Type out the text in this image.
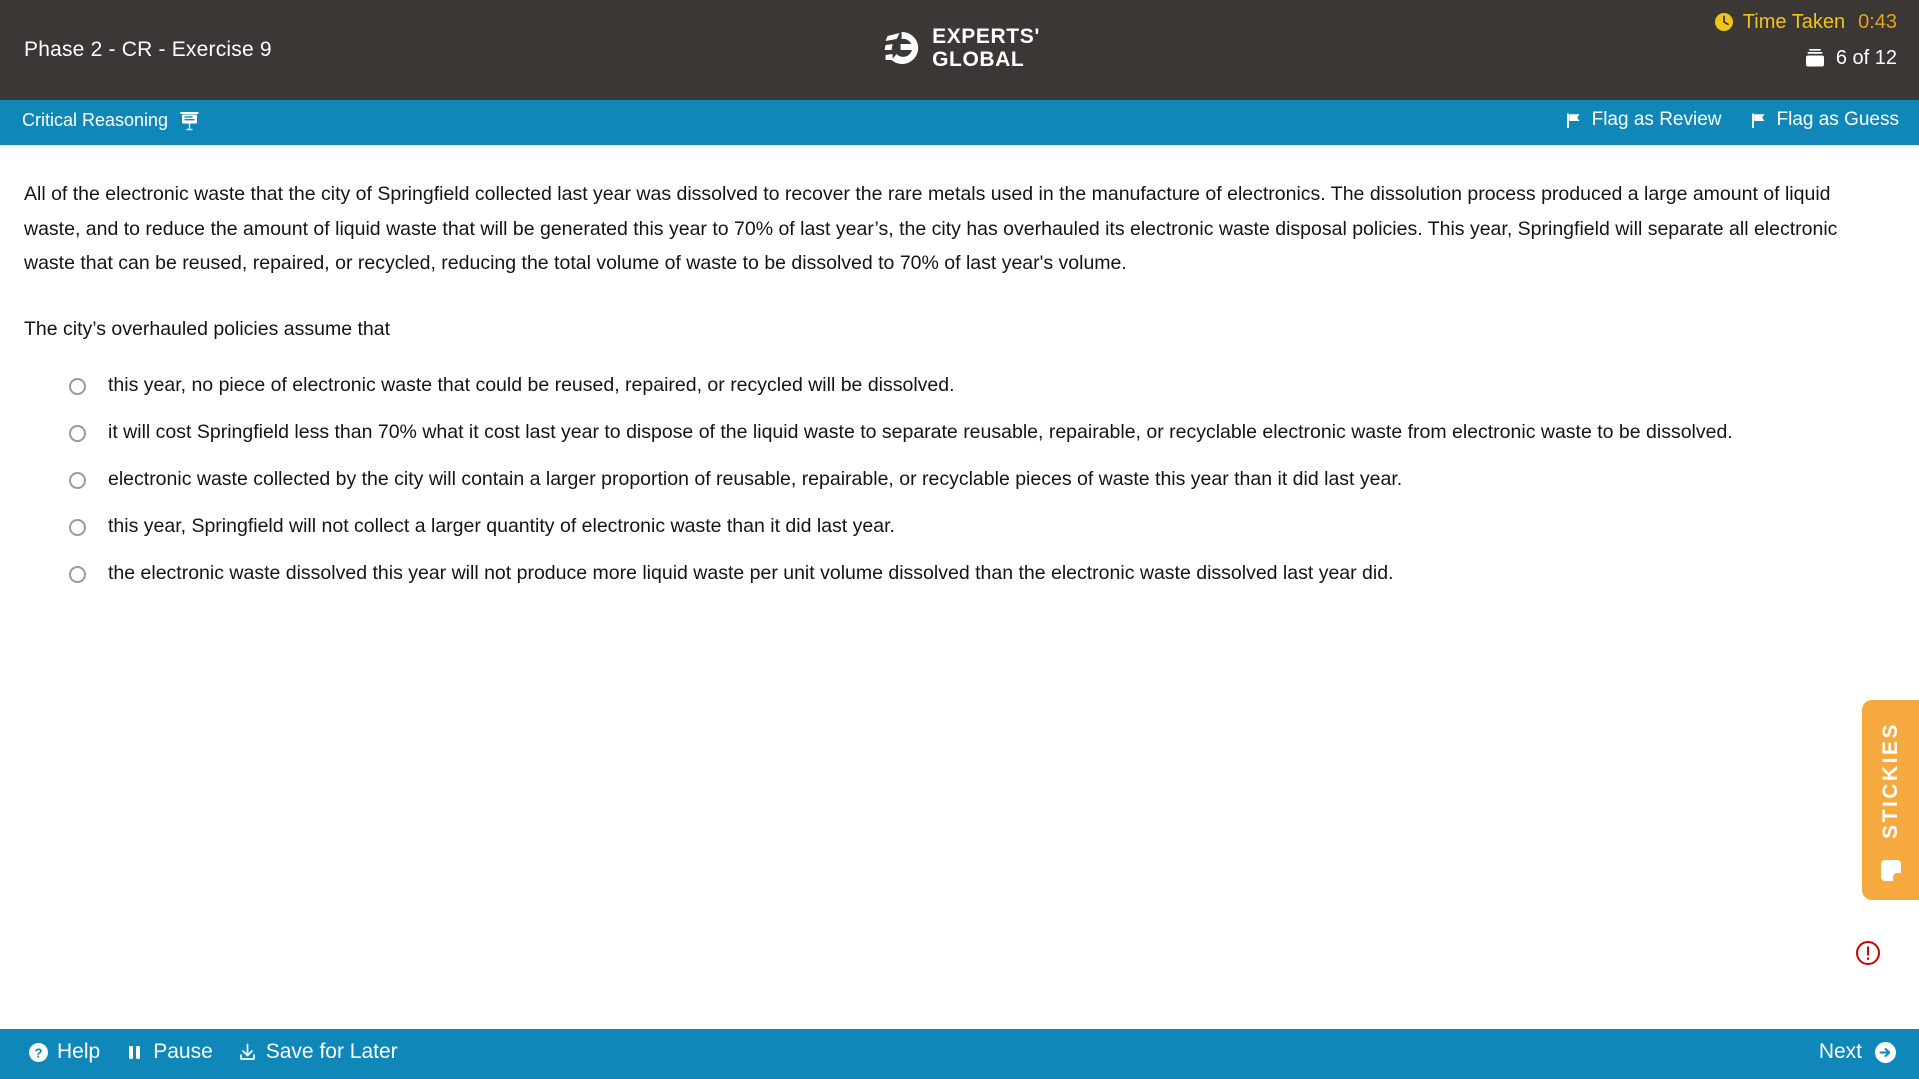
Phase 2 - CR - Exercise 9
EXPERTS'
GLOBAL
Time Taken 0:43
6 of 12
Critical Reasoning	Flag as Review	Flag as Guess
All of the electronic waste that the city of Springfield collected last year was dissolved to recover the rare metals used in the manufacture of electronics. The dissolution process produced a large amount of liquid waste, and to reduce the amount of liquid waste that will be generated this year to 70% of last year’s, the city has overhauled its electronic waste disposal policies. This year, Springfield will separate all electronic waste that can be reused, repaired, or recycled, reducing the total volume of waste to be dissolved to 70% of last year's volume.
The city’s overhauled policies assume that
this year, no piece of electronic waste that could be reused, repaired, or recycled will be dissolved.
it will cost Springfield less than 70% what it cost last year to dispose of the liquid waste to separate reusable, repairable, or recyclable electronic waste from electronic waste to be dissolved.
electronic waste collected by the city will contain a larger proportion of reusable, repairable, or recyclable pieces of waste this year than it did last year.
this year, Springfield will not collect a larger quantity of electronic waste than it did last year.
the electronic waste dissolved this year will not produce more liquid waste per unit volume dissolved than the electronic waste dissolved last year did.
STICKIES
? Help	Pause	Save for Later	Next
